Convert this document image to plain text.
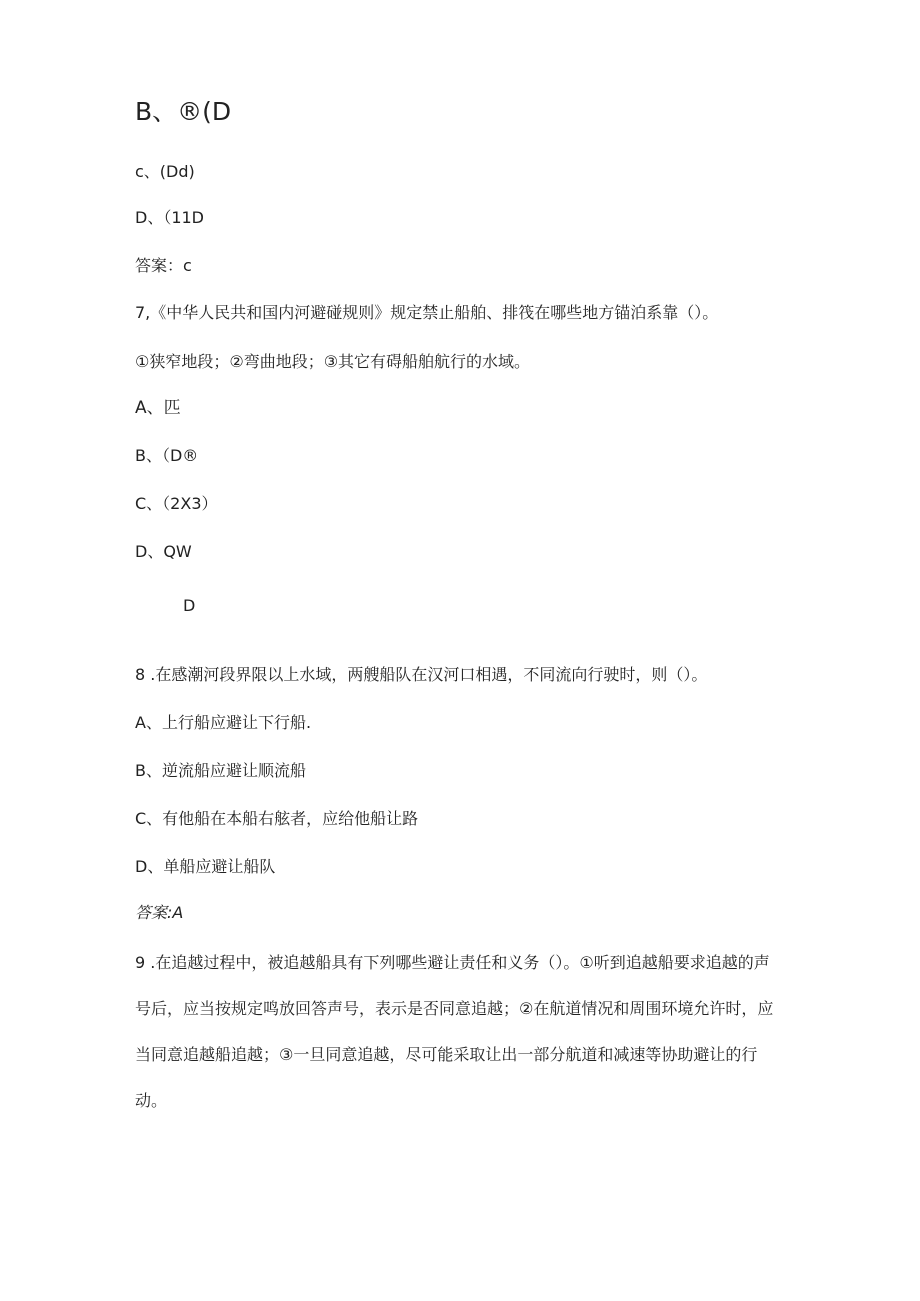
B、®(D
c、(Dd)
D、（11D
答案：c
7,《中华人民共和国内河避碰规则》规定禁止船舶、排筏在哪些地方锚泊系靠（）。
①狭窄地段；②弯曲地段；③其它有碍船舶航行的水域。
A、匹
B、（D®
C、（2X3）
D、QW
D
8 .在感潮河段界限以上水域，两艘船队在汉河口相遇，不同流向行驶时，则（）。
A、上行船应避让下行船.
B、逆流船应避让顺流船
C、有他船在本船右舷者，应给他船让路
D、单船应避让船队
答案:A
9 .在追越过程中，被追越船具有下列哪些避让责任和义务（）。①听到追越船要求追越的声号后，应当按规定鸣放回答声号，表示是否同意追越；②在航道情况和周围环境允许时，应当同意追越船追越；③一旦同意追越，尽可能采取让出一部分航道和减速等协助避让的行动。
